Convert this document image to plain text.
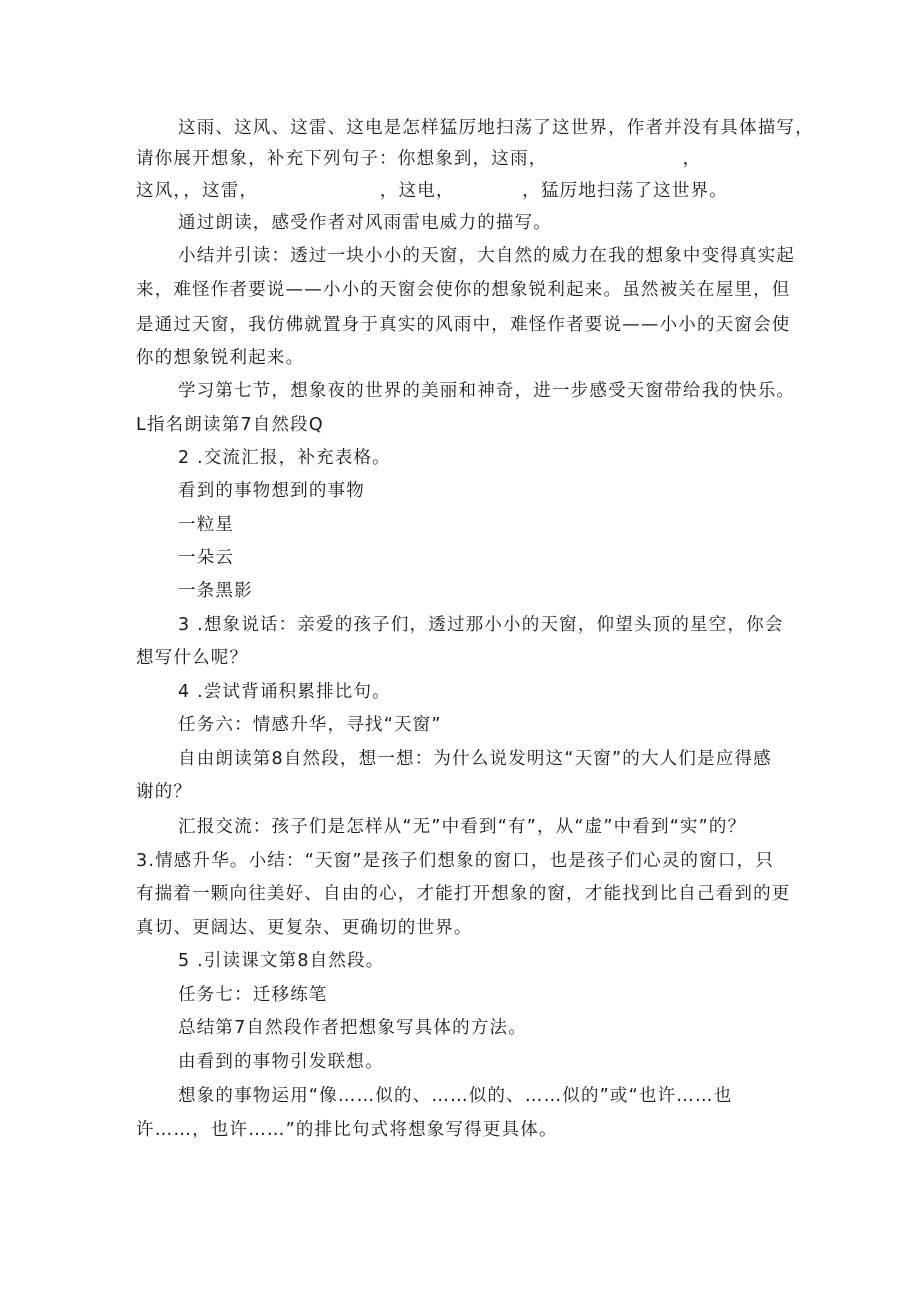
这雨、这风、这雷、这电是怎样猛厉地扫荡了这世界，作者并没有具体描写，
请你展开想象，补充下列句子：你想象到，这雨，                    ，
这风，，这雷，                  ，这电，          ，猛厉地扫荡了这世界。
通过朗读，感受作者对风雨雷电威力的描写。
小结并引读：透过一块小小的天窗，大自然的威力在我的想象中变得真实起
来，难怪作者要说——小小的天窗会使你的想象锐利起来。虽然被关在屋里，但
是通过天窗，我仿佛就置身于真实的风雨中，难怪作者要说——小小的天窗会使
你的想象锐利起来。
学习第七节，想象夜的世界的美丽和神奇，进一步感受天窗带给我的快乐。
L指名朗读第7自然段Q
2 .交流汇报，补充表格。
看到的事物想到的事物
一粒星
一朵云
一条黑影
3 .想象说话：亲爱的孩子们，透过那小小的天窗，仰望头顶的星空，你会
想写什么呢？
4 .尝试背诵积累排比句。
任务六：情感升华，寻找“天窗”
自由朗读第8自然段，想一想：为什么说发明这“天窗”的大人们是应得感
谢的？
汇报交流：孩子们是怎样从“无”中看到“有”，从“虚”中看到“实”的？
3.情感升华。小结：“天窗”是孩子们想象的窗口，也是孩子们心灵的窗口，只
有揣着一颗向往美好、自由的心，才能打开想象的窗，才能找到比自己看到的更
真切、更阔达、更复杂、更确切的世界。
5 .引读课文第8自然段。
任务七：迁移练笔
总结第7自然段作者把想象写具体的方法。
由看到的事物引发联想。
想象的事物运用“像……似的、……似的、……似的”或“也许……也
许……，也许……”的排比句式将想象写得更具体。
